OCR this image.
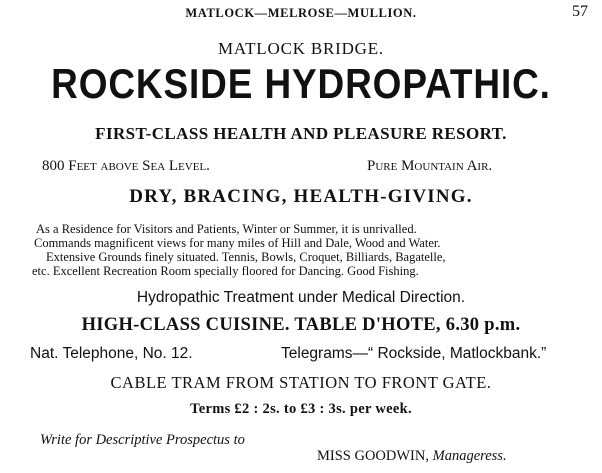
MATLOCK—MELROSE—MULLION.	57
MATLOCK BRIDGE.
ROCKSIDE HYDROPATHIC.
FIRST-CLASS HEALTH AND PLEASURE RESORT.
800 Feet above Sea Level.	Pure Mountain Air.
DRY, BRACING, HEALTH-GIVING.
As a Residence for Visitors and Patients, Winter or Summer, it is unrivalled.
Commands magnificent views for many miles of Hill and Dale, Wood and Water.
Extensive Grounds finely situated. Tennis, Bowls, Croquet, Billiards, Bagatelle,
etc. Excellent Recreation Room specially floored for Dancing. Good Fishing.
Hydropathic Treatment under Medical Direction.
HIGH-CLASS CUISINE. TABLE D'HOTE, 6.30 p.m.
Nat. Telephone, No. 12.	Telegrams—“ Rockside, Matlockbank.”
CABLE TRAM FROM STATION TO FRONT GATE.
Terms £2 : 2s. to £3 : 3s. per week.
Write for Descriptive Prospectus to
MISS GOODWIN, Manageress.
